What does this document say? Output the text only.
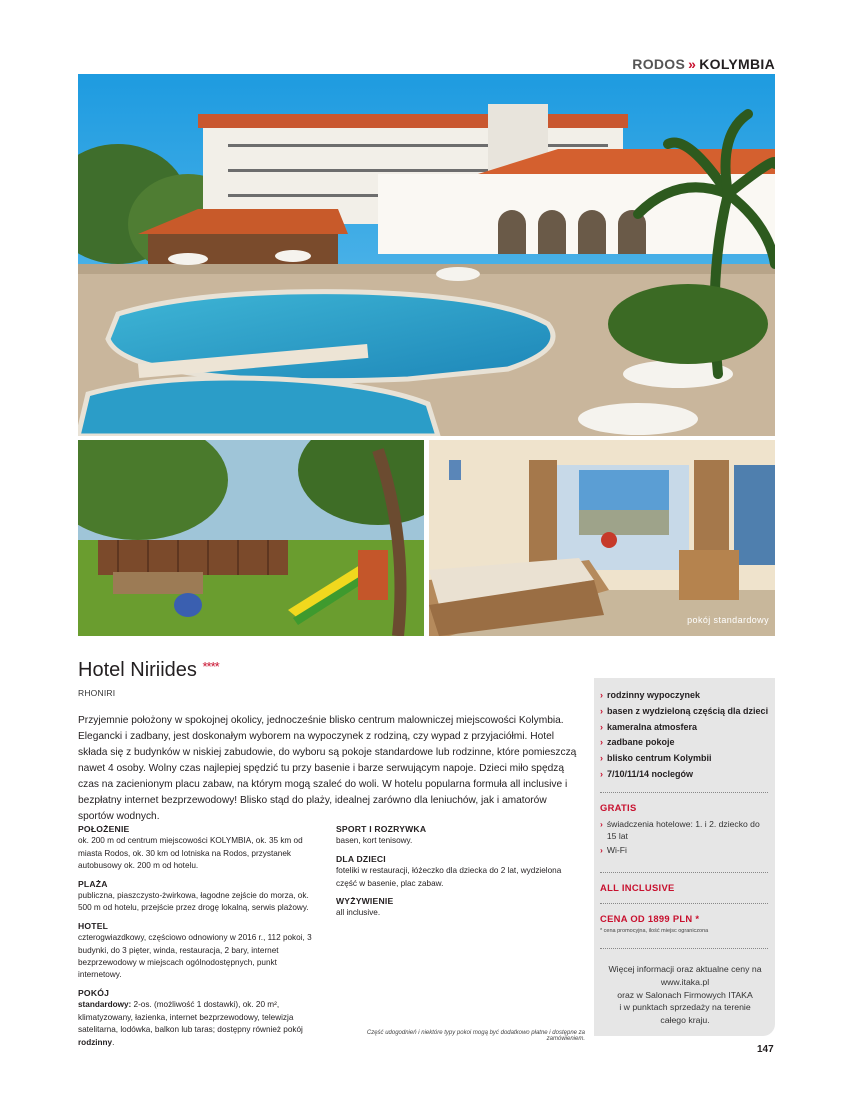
RODOS » KOLYMBIA
pokój standardowy
Hotel Niriides ****
RHONIRI
Przyjemnie położony w spokojnej okolicy, jednocześnie blisko centrum malowniczej miejscowości Kolymbia. Elegancki i zadbany, jest doskonałym wyborem na wypoczynek z rodziną, czy wypad z przyjaciółmi. Hotel składa się z budynków w niskiej zabudowie, do wyboru są pokoje standardowe lub rodzinne, które pomieszczą nawet 4 osoby. Wolny czas najlepiej spędzić tu przy basenie i barze serwującym napoje. Dzieci miło spędzą czas na zacienionym placu zabaw, na którym mogą szaleć do woli. W hotelu popularna formuła all inclusive i bezpłatny internet bezprzewodowy! Blisko stąd do plaży, idealnej zarówno dla leniuchów, jak i amatorów sportów wodnych.
POŁOŻENIE

ok. 200 m od centrum miejscowości KOLYMBIA, ok. 35 km od miasta Rodos, ok. 30 km od lotniska na Rodos, przystanek autobusowy ok. 200 m od hotelu.

PLAŻA

publiczna, piaszczysto-żwirkowa, łagodne zejście do morza, ok. 500 m od hotelu, przejście przez drogę lokalną, serwis plażowy.

HOTEL

czterogwiazdkowy, częściowo odnowiony w 2016 r., 112 pokoi, 3 budynki, do 3 pięter, winda, restauracja, 2 bary, internet bezprzewodowy w miejscach ogólnodostępnych, punkt internetowy.

POKÓJ

standardowy: 2-os. (możliwość 1 dostawki), ok. 20 m², klimatyzowany, łazienka, internet bezprzewodowy, telewizja satelitarna, lodówka, balkon lub taras; dostępny również pokój rodzinny.

SPORT I ROZRYWKA

basen, kort tenisowy.

DLA DZIECI

foteliki w restauracji, łóżeczko dla dziecka do 2 lat, wydzielona część w basenie, plac zabaw.

WYŻYWIENIE

all inclusive.

Część udogodnień i niektóre typy pokoi mogą być dodatkowo płatne i dostępne za zamówieniem.
› rodzinny wypoczynek
› basen z wydzieloną częścią dla dzieci
› kameralna atmosfera
› zadbane pokoje
› blisko centrum Kolymbii
› 7/10/11/14 noclegów
GRATIS
› świadczenia hotelowe: 1. i 2. dziecko do 15 lat
› Wi-Fi
ALL INCLUSIVE
CENA OD 1899 PLN *
* cena promocyjna, ilość miejsc ograniczona
Więcej informacji oraz aktualne ceny na
www.itaka.pl
oraz w Salonach Firmowych ITAKA
i w punktach sprzedaży na terenie
całego kraju.
147
